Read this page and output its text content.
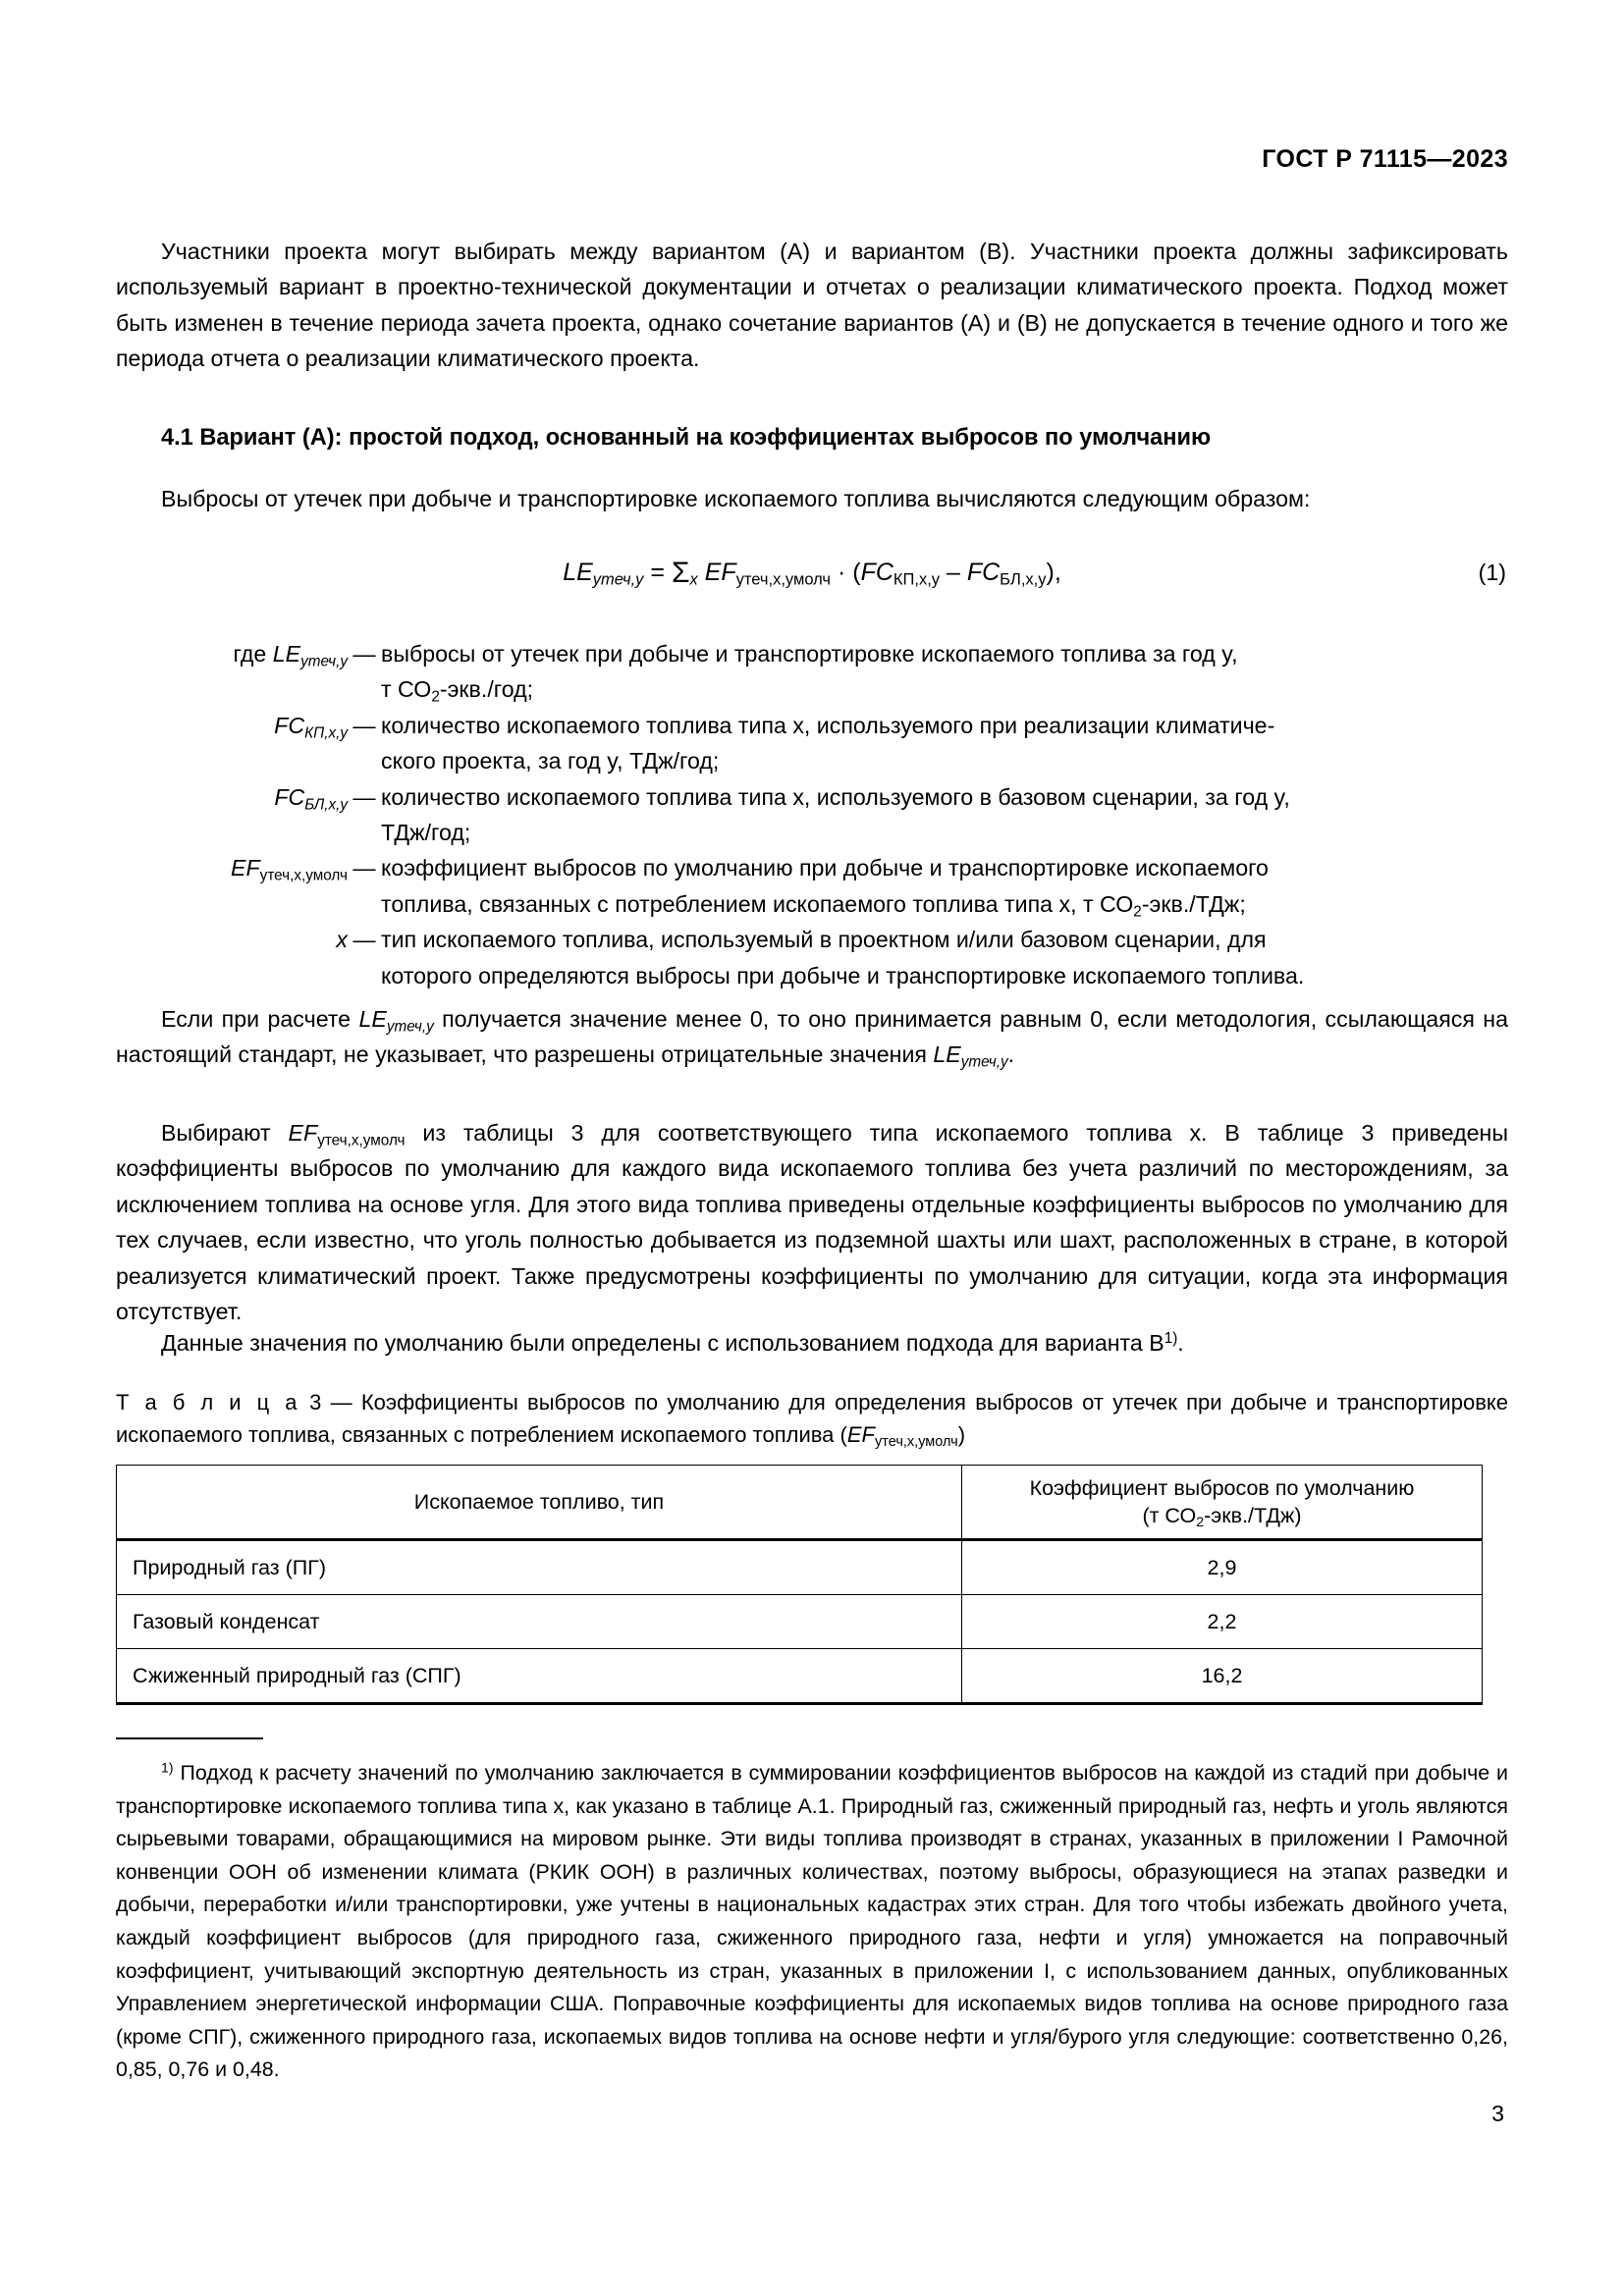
ГОСТ Р 71115—2023

Участники проекта могут выбирать между вариантом (А) и вариантом (В). Участники проекта должны зафиксировать используемый вариант в проектно-технической документации и отчетах о реализации климатического проекта. Подход может быть изменен в течение периода зачета проекта, однако сочетание вариантов (А) и (В) не допускается в течение одного и того же периода отчета о реализации климатического проекта.

4.1 Вариант (А): простой подход, основанный на коэффициентах выбросов по умолчанию

Выбросы от утечек при добыче и транспортировке ископаемого топлива вычисляются следующим образом:

$LE_{утеч,y} = \Sigma_x$ $EF_{утеч,x,умолч} \cdot (FC_{КП,x,y} - FC_{БЛ,x,y})$,	(1)
где $LE_{утеч,y}$ — выбросы от утечек при добыче и транспортировке ископаемого топлива за год y,
т $СО_2-экв$./год;
$FC_{КП,x,y}$ — количество ископаемого топлива типа x, используемого при реализации климатиче-
ского проекта, за год y, ТДж/год;
$FC_{БЛ,x,y}$ — количество ископаемого топлива типа x, используемого в базовом сценарии, за год y,
ТДж/год;
$EF_{утеч,x,умолч}$ — коэффициент выбросов по умолчанию при добыче и транспортировке ископаемого
топлива, связанных с потреблением ископаемого топлива типа x, т $СО_2-экв$./ТДж;
x — тип ископаемого топлива, используемый в проектном и/или базовом сценарии, для
которого определяются выбросы при добыче и транспортировке ископаемого топлива.

Если при расчете $LE_{утеч,y}$ получается значение менее 0, то оно принимается равным 0, если методология, ссылающаяся на настоящий стандарт, не указывает, что разрешены отрицательные значения $LE_{утеч,y}$.

Выбирают $EF_{утеч,x,умолч}$ из таблицы 3 для соответствующего типа ископаемого топлива x. В таблице 3 приведены коэффициенты выбросов по умолчанию для каждого вида ископаемого топлива без учета различий по месторождениям, за исключением топлива на основе угля. Для этого вида топлива приведены отдельные коэффициенты выбросов по умолчанию для тех случаев, если известно, что уголь полностью добывается из подземной шахты или шахт, расположенных в стране, в которой реализуется климатический проект. Также предусмотрены коэффициенты по умолчанию для ситуации, когда эта информация отсутствует.

Данные значения по умолчанию были определены с использованием подхода для варианта $В^{1)}$.

Т а б л и ц а 3 — Коэффициенты выбросов по умолчанию для определения выбросов от утечек при добыче и транспортировке ископаемого топлива, связанных с потреблением ископаемого топлива $(EF_{утеч,x,умолч})$
Ископаемое топливо, тип	Коэффициент выбросов по умолчанию
(т $СО_2-экв./ТДж$)

Природный газ (ПГ)	2,9
Газовый конденсат	2,2
Сжиженный природный газ (СПГ)	16,2

$^{1)}$ Подход к расчету значений по умолчанию заключается в суммировании коэффициентов выбросов на каждой из стадий при добыче и транспортировке ископаемого топлива типа x, как указано в таблице А.1. Природный газ, сжиженный природный газ, нефть и уголь являются сырьевыми товарами, обращающимися на мировом рынке. Эти виды топлива производят в странах, указанных в приложении I Рамочной конвенции ООН об изменении климата (РКИК ООН) в различных количествах, поэтому выбросы, образующиеся на этапах разведки и добычи, переработки и/или транспортировки, уже учтены в национальных кадастрах этих стран. Для того чтобы избежать двойного учета, каждый коэффициент выбросов (для природного газа, сжиженного природного газа, нефти и угля) умножается на поправочный коэффициент, учитывающий экспортную деятельность из стран, указанных в приложении I, с использованием данных, опубликованных Управлением энергетической информации США. Поправочные коэффициенты для ископаемых видов топлива на основе природного газа (кроме СПГ), сжиженного природного газа, ископаемых видов топлива на основе нефти и угля/бурого угля следующие: соответственно 0,26, 0,85, 0,76 и 0,48.

3
